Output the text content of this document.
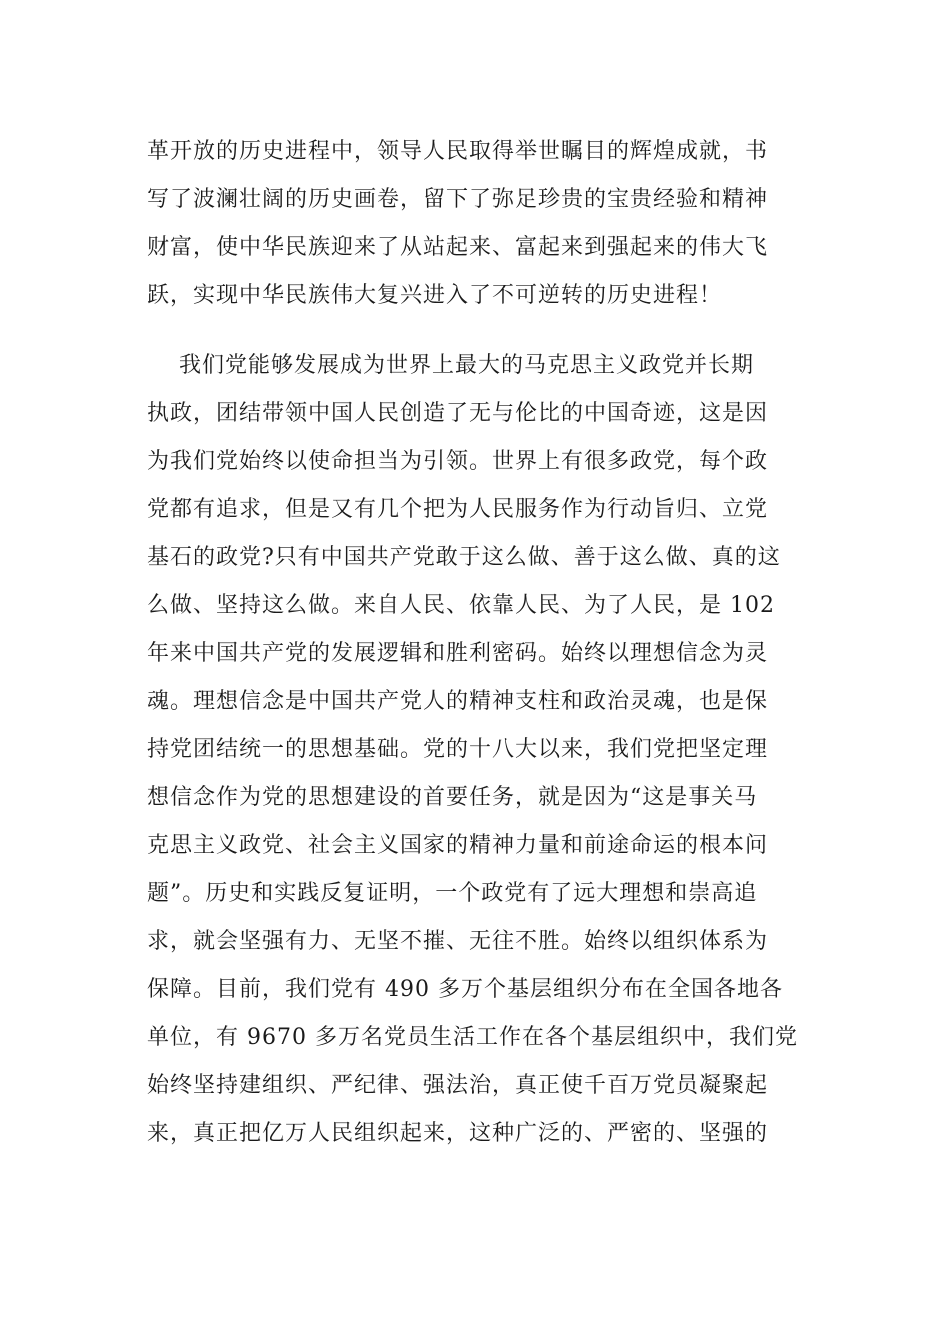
革开放的历史进程中，领导人民取得举世瞩目的辉煌成就，书
写了波澜壮阔的历史画卷，留下了弥足珍贵的宝贵经验和精神
财富，使中华民族迎来了从站起来、富起来到强起来的伟大飞
跃，实现中华民族伟大复兴进入了不可逆转的历史进程！
我们党能够发展成为世界上最大的马克思主义政党并长期
执政，团结带领中国人民创造了无与伦比的中国奇迹，这是因
为我们党始终以使命担当为引领。世界上有很多政党，每个政
党都有追求，但是又有几个把为人民服务作为行动旨归、立党
基石的政党?只有中国共产党敢于这么做、善于这么做、真的这
么做、坚持这么做。来自人民、依靠人民、为了人民，是 102
年来中国共产党的发展逻辑和胜利密码。始终以理想信念为灵
魂。理想信念是中国共产党人的精神支柱和政治灵魂，也是保
持党团结统一的思想基础。党的十八大以来，我们党把坚定理
想信念作为党的思想建设的首要任务，就是因为“这是事关马
克思主义政党、社会主义国家的精神力量和前途命运的根本问
题”。历史和实践反复证明，一个政党有了远大理想和崇高追
求，就会坚强有力、无坚不摧、无往不胜。始终以组织体系为
保障。目前，我们党有 490 多万个基层组织分布在全国各地各
单位，有 9670 多万名党员生活工作在各个基层组织中，我们党
始终坚持建组织、严纪律、强法治，真正使千百万党员凝聚起
来，真正把亿万人民组织起来，这种广泛的、严密的、坚强的
